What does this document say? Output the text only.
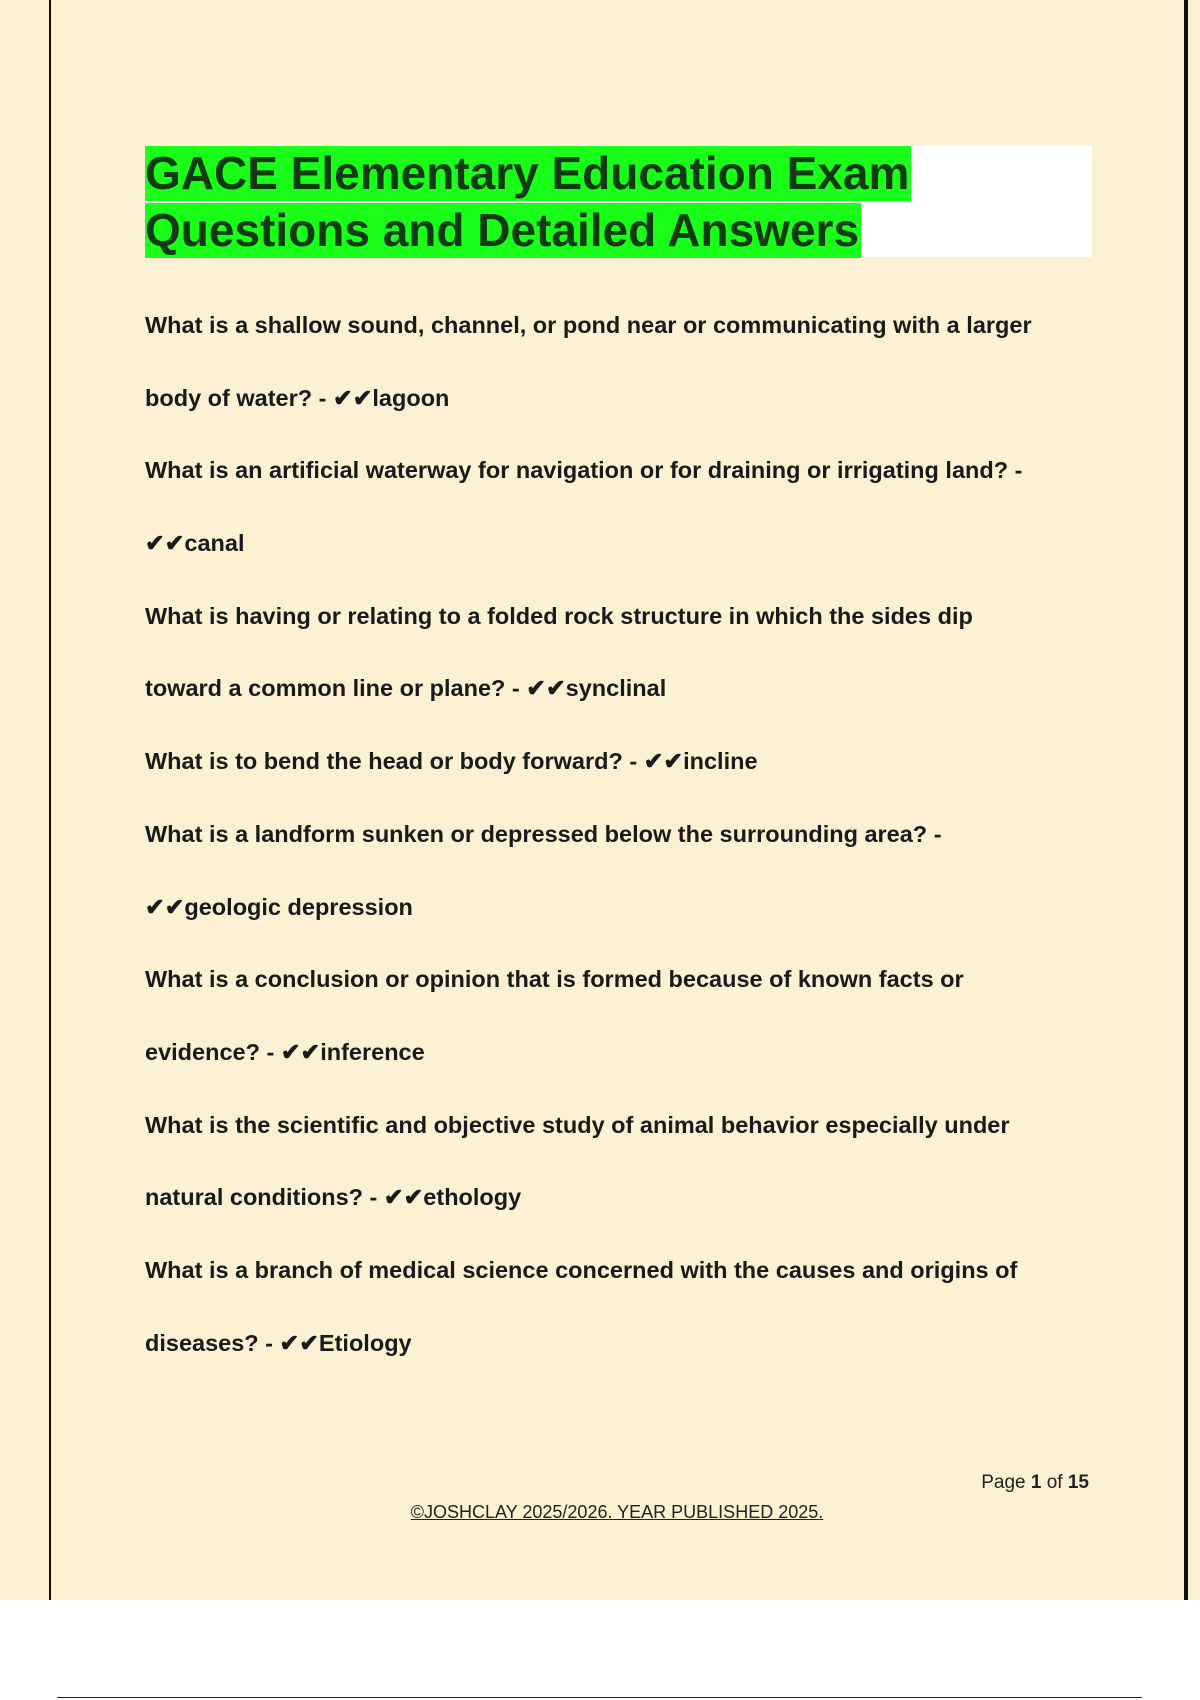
GACE Elementary Education Exam
Questions and Detailed Answers
What is a shallow sound, channel, or pond near or communicating with a larger
body of water? - ✔✔lagoon
What is an artificial waterway for navigation or for draining or irrigating land? -
✔✔canal
What is having or relating to a folded rock structure in which the sides dip
toward a common line or plane? - ✔✔synclinal
What is to bend the head or body forward? - ✔✔incline
What is a landform sunken or depressed below the surrounding area? -
✔✔geologic depression
What is a conclusion or opinion that is formed because of known facts or
evidence? - ✔✔inference
What is the scientific and objective study of animal behavior especially under
natural conditions? - ✔✔ethology
What is a branch of medical science concerned with the causes and origins of
diseases? - ✔✔Etiology
Page 1 of 15
©JOSHCLAY 2025/2026. YEAR PUBLISHED 2025.
